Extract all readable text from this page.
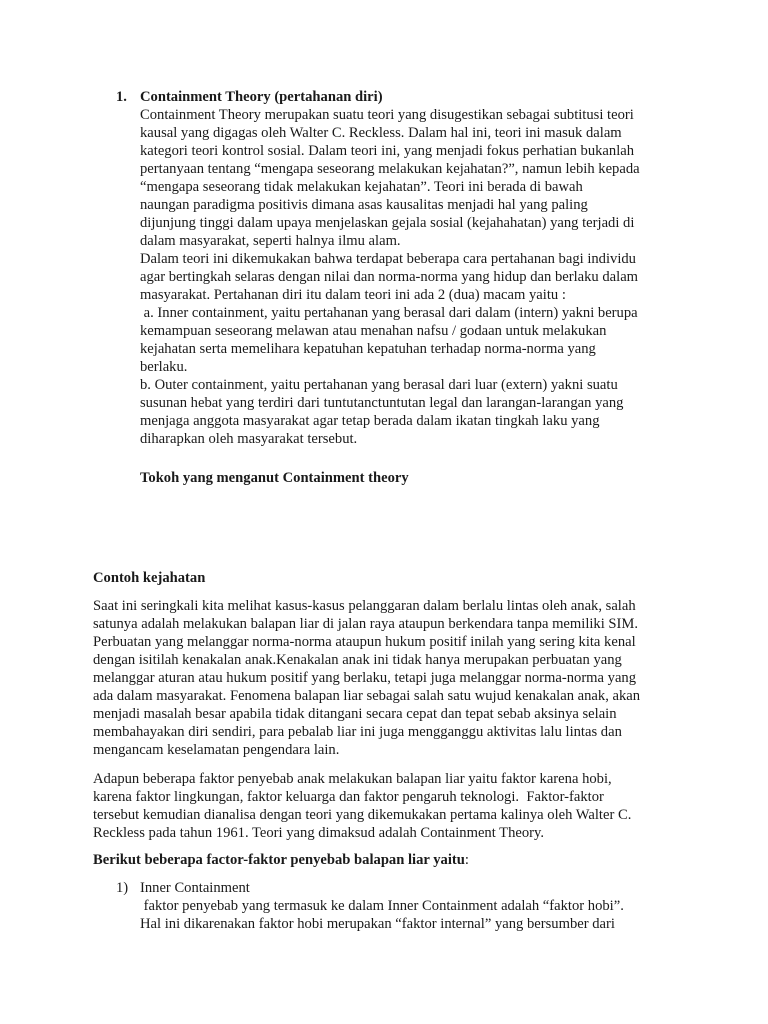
1. Containment Theory (pertahanan diri)
Containment Theory merupakan suatu teori yang disugestikan sebagai subtitusi teori
kausal yang digagas oleh Walter C. Reckless. Dalam hal ini, teori ini masuk dalam
kategori teori kontrol sosial. Dalam teori ini, yang menjadi fokus perhatian bukanlah
pertanyaan tentang “mengapa seseorang melakukan kejahatan?”, namun lebih kepada
“mengapa seseorang tidak melakukan kejahatan”. Teori ini berada di bawah
naungan paradigma positivis dimana asas kausalitas menjadi hal yang paling
dijunjung tinggi dalam upaya menjelaskan gejala sosial (kejahahatan) yang terjadi di
dalam masyarakat, seperti halnya ilmu alam.
Dalam teori ini dikemukakan bahwa terdapat beberapa cara pertahanan bagi individu
agar bertingkah selaras dengan nilai dan norma-norma yang hidup dan berlaku dalam
masyarakat. Pertahanan diri itu dalam teori ini ada 2 (dua) macam yaitu :
a. Inner containment, yaitu pertahanan yang berasal dari dalam (intern) yakni berupa
kemampuan seseorang melawan atau menahan nafsu / godaan untuk melakukan
kejahatan serta memelihara kepatuhan kepatuhan terhadap norma-norma yang
berlaku.
b. Outer containment, yaitu pertahanan yang berasal dari luar (extern) yakni suatu
susunan hebat yang terdiri dari tuntutanctuntutan legal dan larangan-larangan yang
menjaga anggota masyarakat agar tetap berada dalam ikatan tingkah laku yang
diharapkan oleh masyarakat tersebut.
Tokoh yang menganut Containment theory
Contoh kejahatan
Saat ini seringkali kita melihat kasus-kasus pelanggaran dalam berlalu lintas oleh anak, salah
satunya adalah melakukan balapan liar di jalan raya ataupun berkendara tanpa memiliki SIM.
Perbuatan yang melanggar norma-norma ataupun hukum positif inilah yang sering kita kenal
dengan isitilah kenakalan anak.Kenakalan anak ini tidak hanya merupakan perbuatan yang
melanggar aturan atau hukum positif yang berlaku, tetapi juga melanggar norma-norma yang
ada dalam masyarakat. Fenomena balapan liar sebagai salah satu wujud kenakalan anak, akan
menjadi masalah besar apabila tidak ditangani secara cepat dan tepat sebab aksinya selain
membahayakan diri sendiri, para pebalab liar ini juga mengganggu aktivitas lalu lintas dan
mengancam keselamatan pengendara lain.
Adapun beberapa faktor penyebab anak melakukan balapan liar yaitu faktor karena hobi,
karena faktor lingkungan, faktor keluarga dan faktor pengaruh teknologi.  Faktor-faktor
tersebut kemudian dianalisa dengan teori yang dikemukakan pertama kalinya oleh Walter C.
Reckless pada tahun 1961. Teori yang dimaksud adalah Containment Theory.
Berikut beberapa factor-faktor penyebab balapan liar yaitu:
1) Inner Containment
faktor penyebab yang termasuk ke dalam Inner Containment adalah “faktor hobi”.
Hal ini dikarenakan faktor hobi merupakan “faktor internal” yang bersumber dari
